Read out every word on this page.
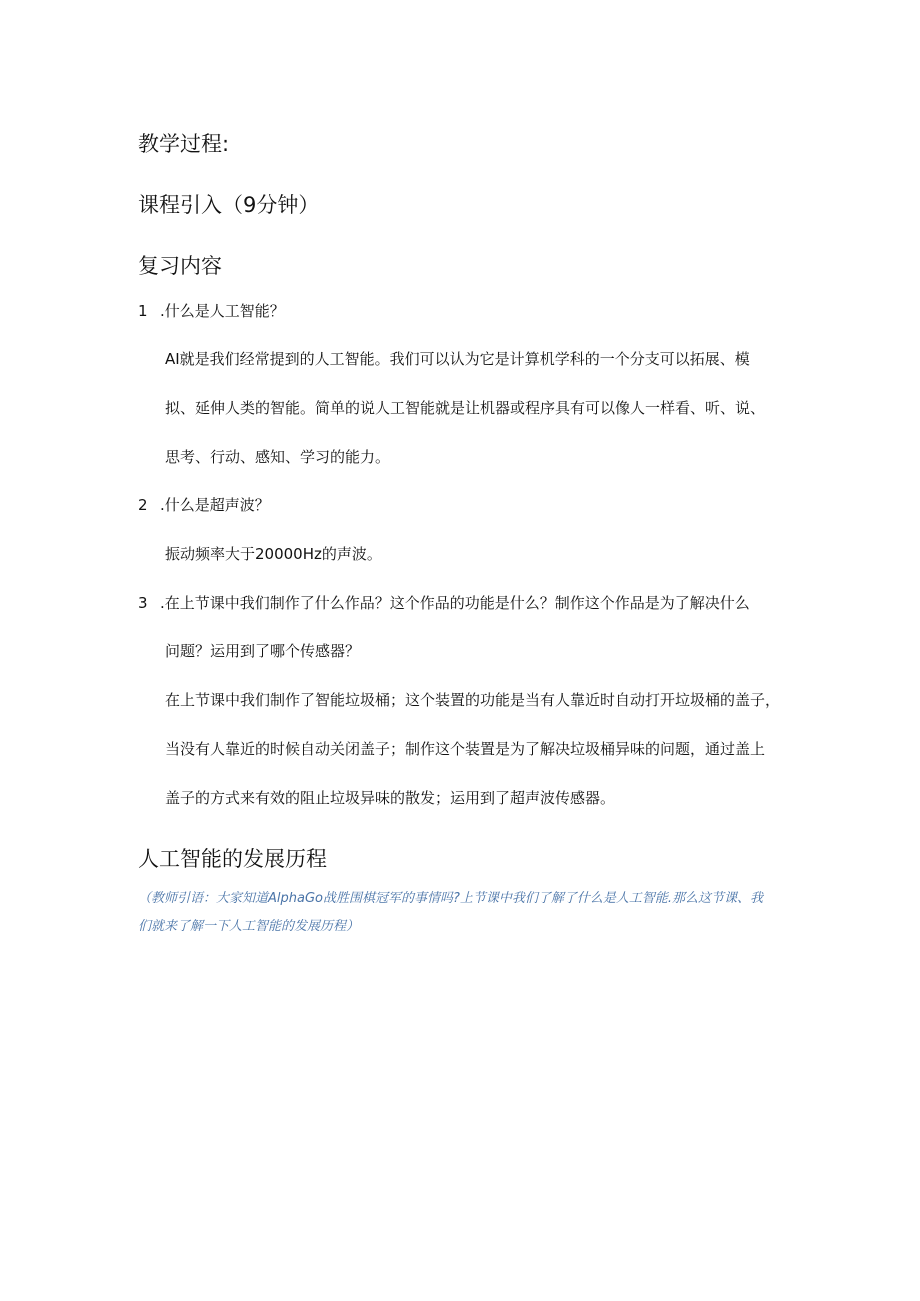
教学过程:
课程引入（9分钟）
复习内容
1 .什么是人工智能？
AI就是我们经常提到的人工智能。我们可以认为它是计算机学科的一个分支可以拓展、模
拟、延伸人类的智能。简单的说人工智能就是让机器或程序具有可以像人一样看、听、说、
思考、行动、感知、学习的能力。
2 .什么是超声波？
振动频率大于20000Hz的声波。
3 .在上节课中我们制作了什么作品？这个作品的功能是什么？制作这个作品是为了解决什么
问题？运用到了哪个传感器？
在上节课中我们制作了智能垃圾桶；这个装置的功能是当有人靠近时自动打开垃圾桶的盖子，
当没有人靠近的时候自动关闭盖子；制作这个装置是为了解决垃圾桶异味的问题，通过盖上
盖子的方式来有效的阻止垃圾异味的散发；运用到了超声波传感器。
人工智能的发展历程
（教师引语：大家知道AlphaGo战胜围棋冠军的事情吗?上节课中我们了解了什么是人工智能.那么这节课、我
们就来了解一下人工智能的发展历程）
